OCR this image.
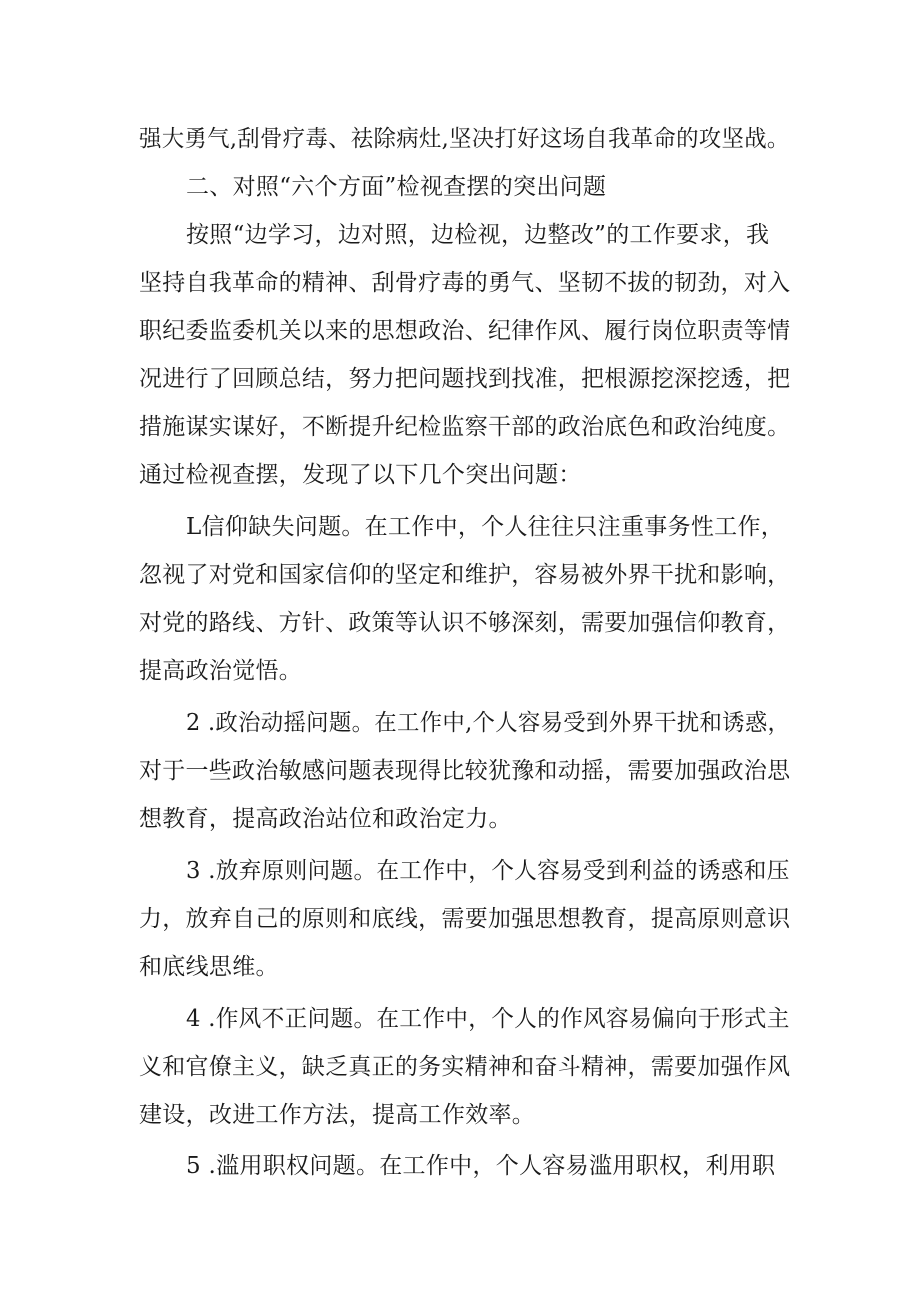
强大勇气,刮骨疗毒、祛除病灶,坚决打好这场自我革命的攻坚战。
二、对照“六个方面”检视查摆的突出问题
按照“边学习，边对照，边检视，边整改”的工作要求，我
坚持自我革命的精神、刮骨疗毒的勇气、坚韧不拔的韧劲，对入
职纪委监委机关以来的思想政治、纪律作风、履行岗位职责等情
况进行了回顾总结，努力把问题找到找准，把根源挖深挖透，把
措施谋实谋好，不断提升纪检监察干部的政治底色和政治纯度。
通过检视查摆，发现了以下几个突出问题：
L信仰缺失问题。在工作中，个人往往只注重事务性工作，
忽视了对党和国家信仰的坚定和维护，容易被外界干扰和影响，
对党的路线、方针、政策等认识不够深刻，需要加强信仰教育，
提高政治觉悟。
2 .政治动摇问题。在工作中,个人容易受到外界干扰和诱惑，
对于一些政治敏感问题表现得比较犹豫和动摇，需要加强政治思
想教育，提高政治站位和政治定力。
3 .放弃原则问题。在工作中，个人容易受到利益的诱惑和压
力，放弃自己的原则和底线，需要加强思想教育，提高原则意识
和底线思维。
4 .作风不正问题。在工作中，个人的作风容易偏向于形式主
义和官僚主义，缺乏真正的务实精神和奋斗精神，需要加强作风
建设，改进工作方法，提高工作效率。
5 .滥用职权问题。在工作中，个人容易滥用职权，利用职
